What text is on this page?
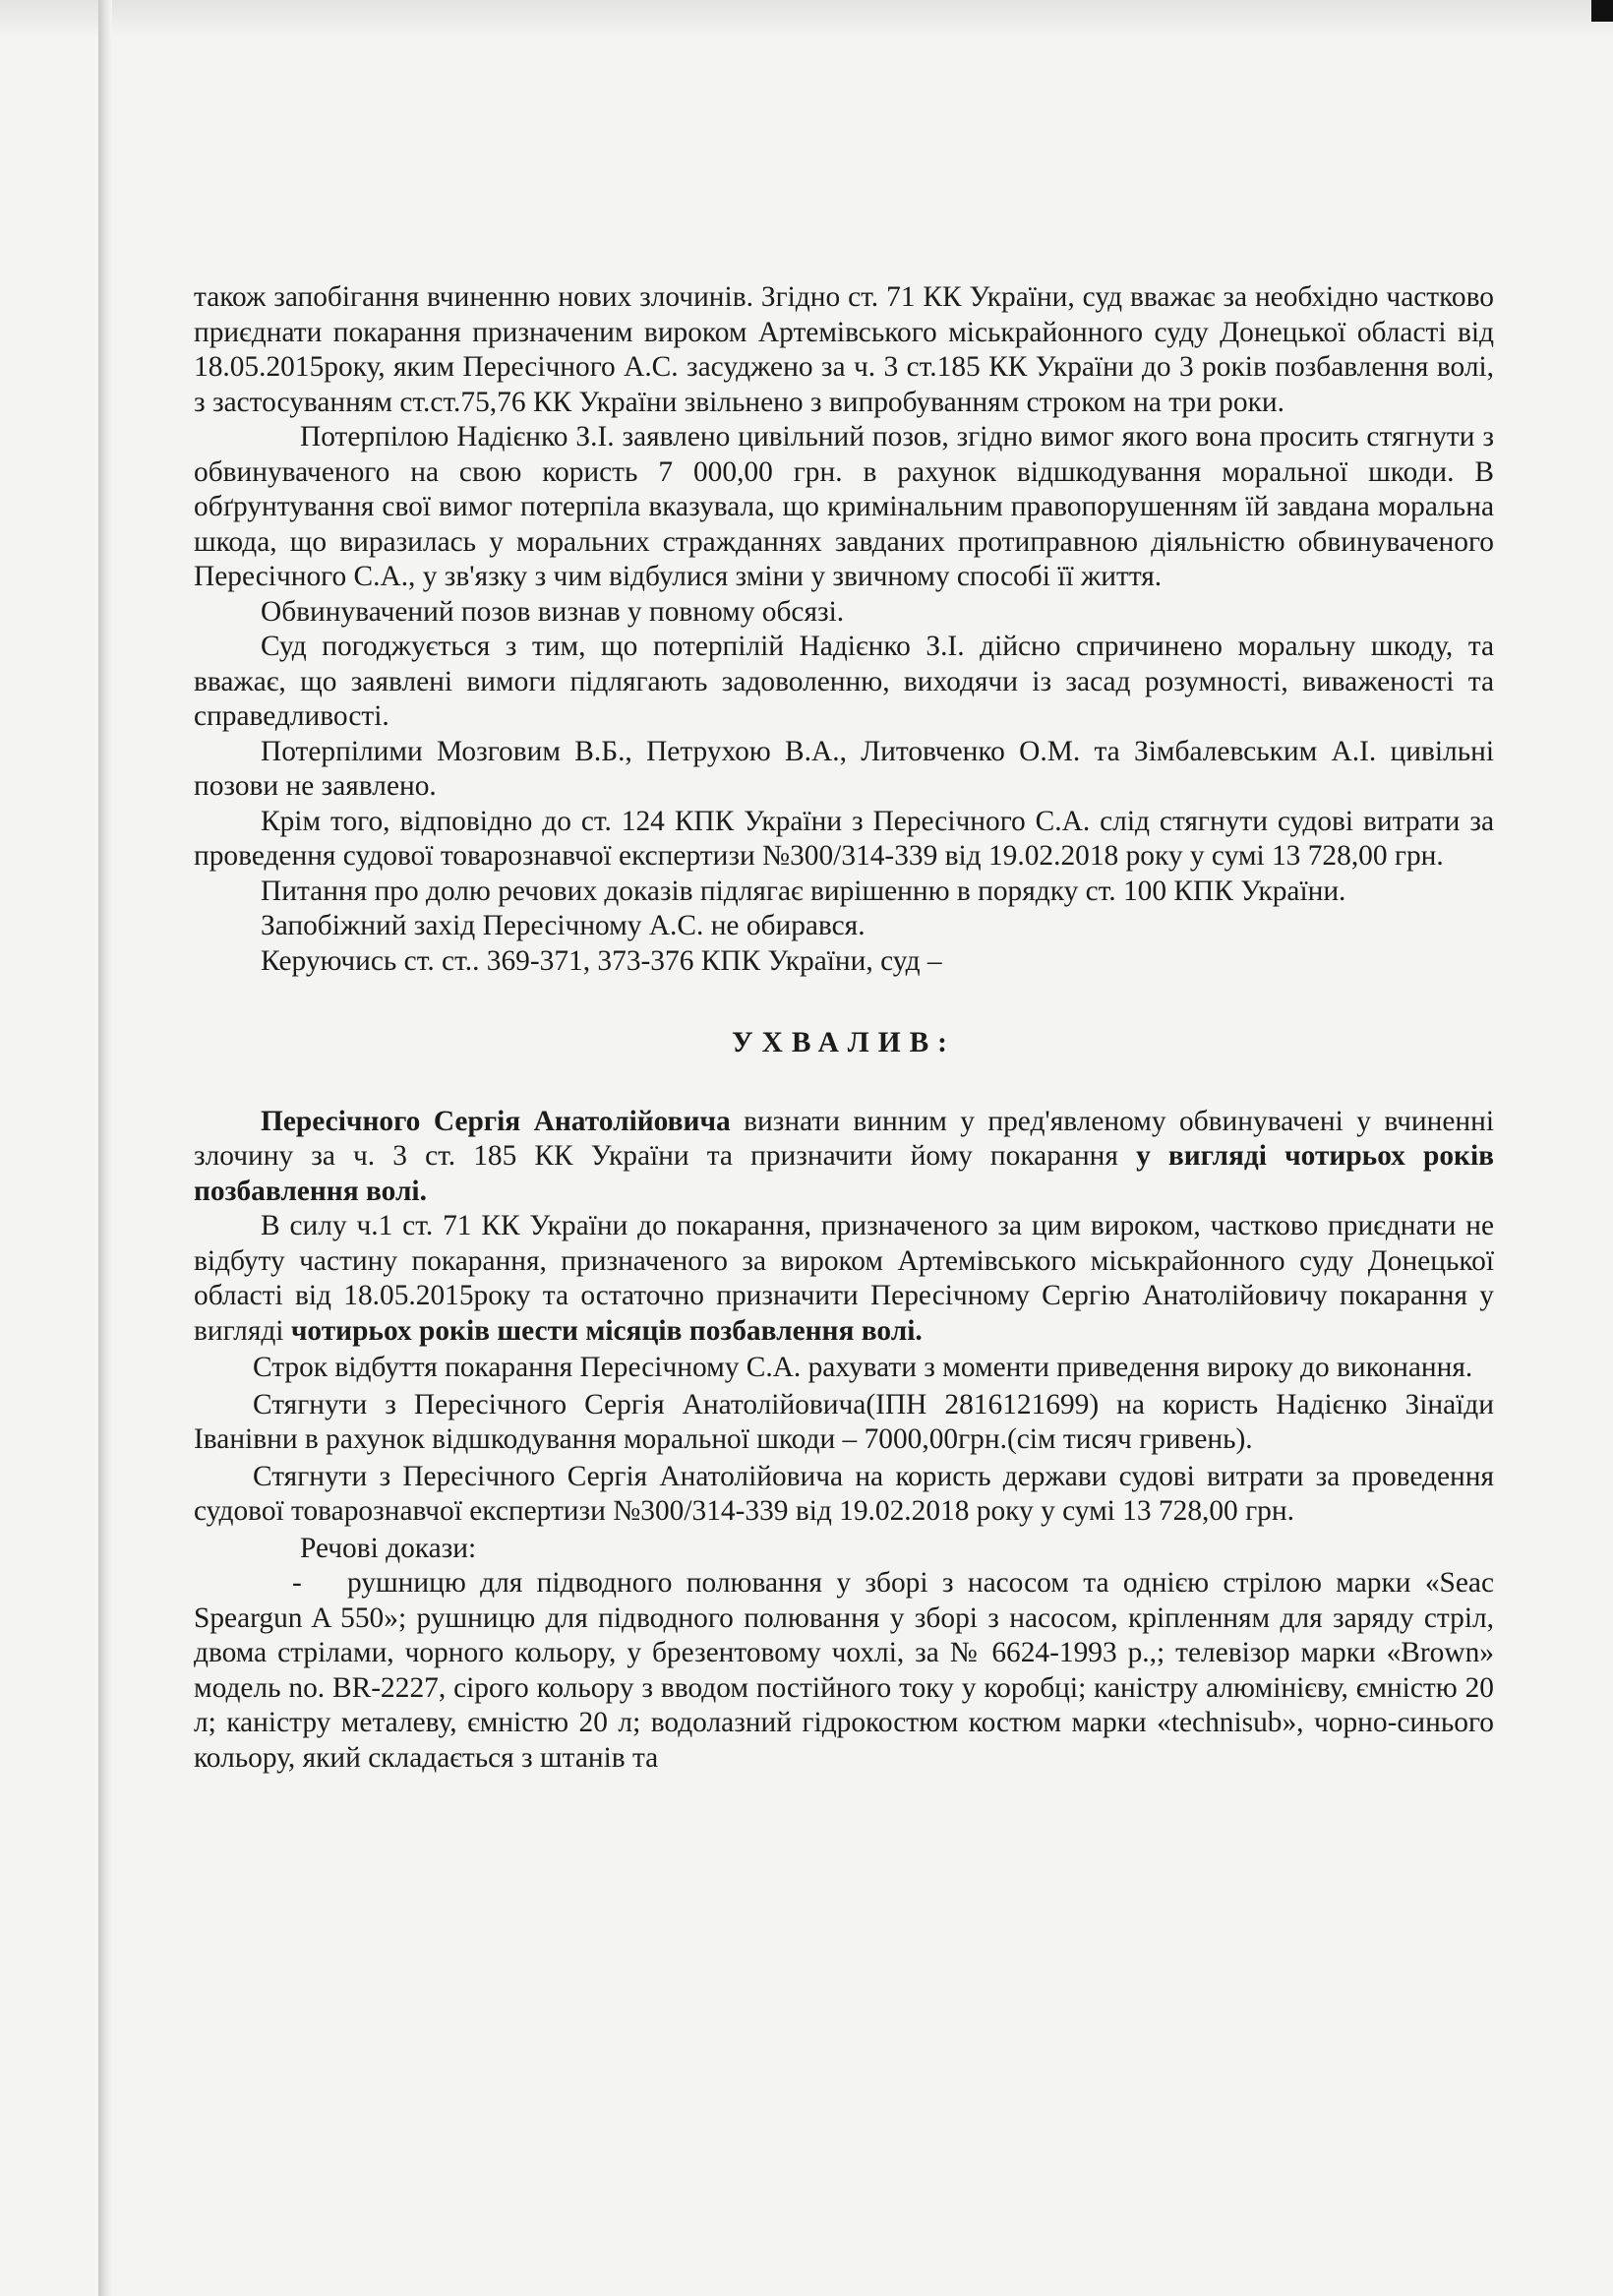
також запобігання вчиненню нових злочинів. Згідно ст. 71 КК України, суд вважає за необхідно частково приєднати покарання призначеним вироком Артемівського міськрайонного суду Донецької області від 18.05.2015року, яким Пересічного А.С. засуджено за ч. 3 ст.185 КК України до 3 років позбавлення волі, з застосуванням ст.ст.75,76 КК України звільнено з випробуванням строком на три роки.

Потерпілою Надієнко З.І. заявлено цивільний позов, згідно вимог якого вона просить стягнути з обвинуваченого на свою користь 7 000,00 грн. в рахунок відшкодування моральної шкоди. В обґрунтування свої вимог потерпіла вказувала, що кримінальним правопорушенням їй завдана моральна шкода, що виразилась у моральних стражданнях завданих протиправною діяльністю обвинуваченого Пересічного С.А., у зв'язку з чим відбулися зміни у звичному способі її життя.

Обвинувачений позов визнав у повному обсязі.

Суд погоджується з тим, що потерпілій Надієнко З.І. дійсно спричинено моральну шкоду, та вважає, що заявлені вимоги підлягають задоволенню, виходячи із засад розумності, виваженості та справедливості.

Потерпілими Мозговим В.Б., Петрухою В.А., Литовченко О.М. та Зімбалевським А.І. цивільні позови не заявлено.

Крім того, відповідно до ст. 124 КПК України з Пересічного С.А. слід стягнути судові витрати за проведення судової товарознавчої експертизи №300/314-339 від 19.02.2018 року у сумі 13 728,00 грн.

Питання про долю речових доказів підлягає вирішенню в порядку ст. 100 КПК України.

Запобіжний захід Пересічному А.С. не обирався.

Керуючись ст. ст.. 369-371, 373-376 КПК України, суд –

УХВАЛИВ:

Пересічного Сергія Анатолійовича визнати винним у пред'явленому обвинувачені у вчиненні злочину за ч. 3 ст. 185 КК України та призначити йому покарання у вигляді чотирьох років позбавлення волі.

В силу ч.1 ст. 71 КК України до покарання, призначеного за цим вироком, частково приєднати не відбуту частину покарання, призначеного за вироком Артемівського міськрайонного суду Донецької області від 18.05.2015року та остаточно призначити Пересічному Сергію Анатолійовичу покарання у вигляді чотирьох років шести місяців позбавлення волі.

Строк відбуття покарання Пересічному С.А. рахувати з моменти приведення вироку до виконання.

Стягнути з Пересічного Сергія Анатолійовича(ІПН 2816121699) на користь Надієнко Зінаїди Іванівни в рахунок відшкодування моральної шкоди – 7000,00грн.(сім тисяч гривень).

Стягнути з Пересічного Сергія Анатолійовича на користь держави судові витрати за проведення судової товарознавчої експертизи №300/314-339 від 19.02.2018 року у сумі 13 728,00 грн.

Речові докази:

- рушницю для підводного полювання у зборі з насосом та однією стрілою марки «Seac Speargun A 550»; рушницю для підводного полювання у зборі з насосом, кріпленням для заряду стріл, двома стрілами, чорного кольору, у брезентовому чохлі, за № 6624-1993 р.,; телевізор марки «Brown» модель no. BR-2227, сірого кольору з вводом постійного току у коробці; каністру алюмінієву, ємністю 20 л; каністру металеву, ємністю 20 л; водолазний гідрокостюм костюм марки «technisub», чорно-синього кольору, який складається з штанів та
